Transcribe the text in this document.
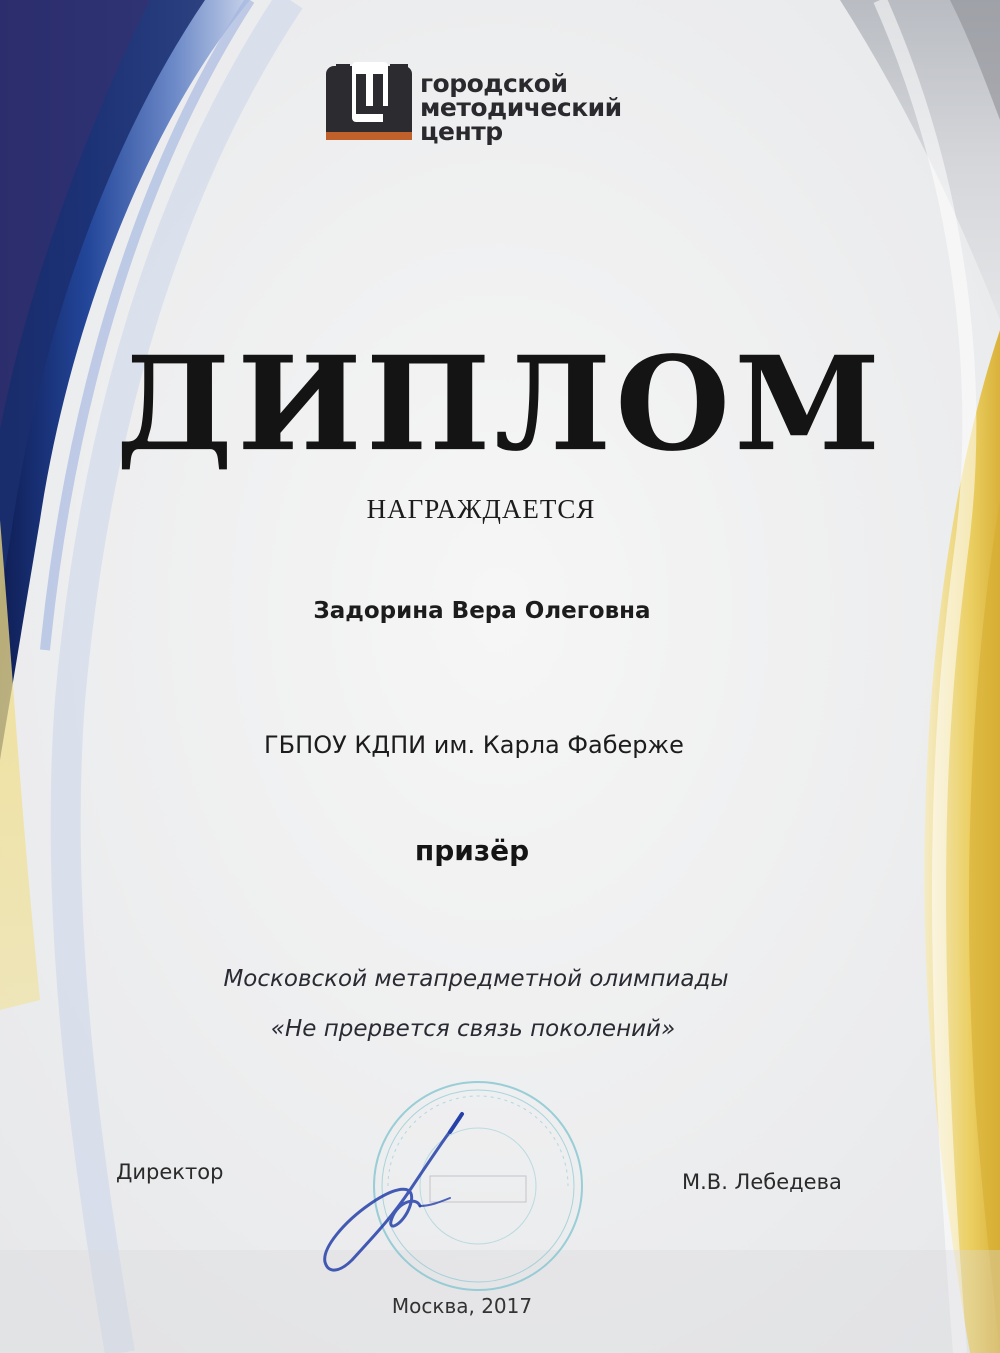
городской
методический
центр
ДИПЛОМ
НАГРАЖДАЕТСЯ
Задорина Вера Олеговна
ГБПОУ КДПИ им. Карла Фаберже
призёр
Московской метапредметной олимпиады
«Не прервется связь поколений»
Директор	М.В. Лебедева
Москва, 2017
